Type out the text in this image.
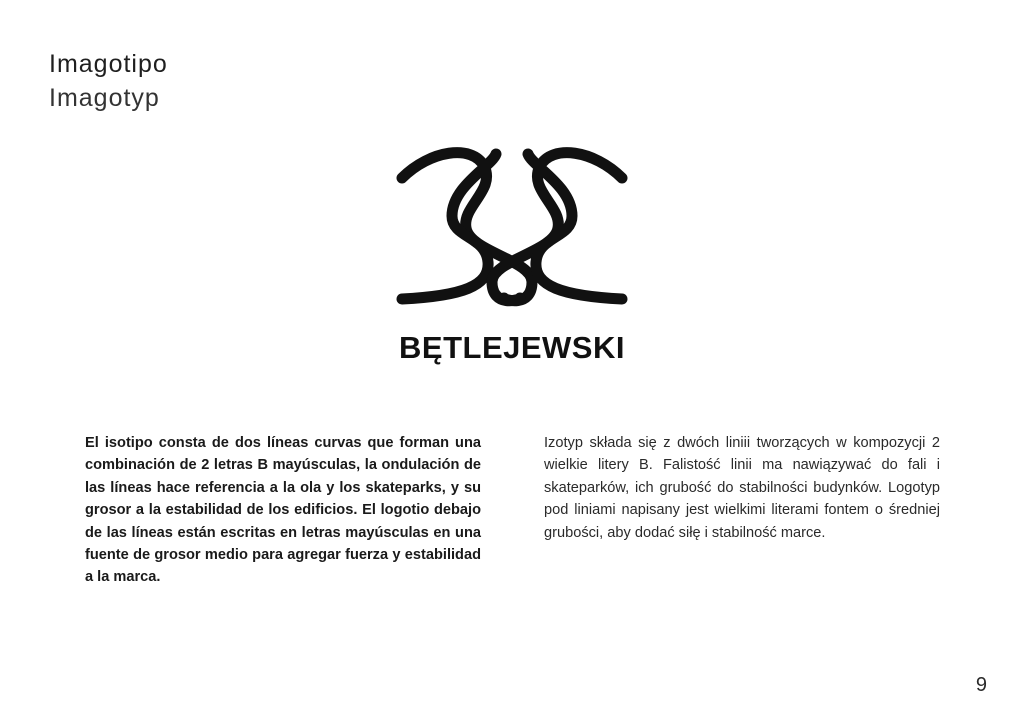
Imagotipo
Imagotyp
BĘTLEJEWSKI
El isotipo consta de dos líneas curvas que forman una combinación de 2 letras B mayúsculas, la ondulación de las líneas hace referencia a la ola y los skateparks, y su grosor a la estabilidad de los edificios. El logotio debajo de las líneas están escritas en letras mayúsculas en una fuente de grosor medio para agregar fuerza y estabilidad a la marca.
Izotyp składa się z dwóch liniii tworzących w kompozycji 2 wielkie litery B. Falistość linii ma nawiązywać do fali i skateparków, ich grubość do stabilności budynków. Logotyp pod liniami napisany jest wielkimi literami fontem o średniej grubości, aby dodać siłę i stabilność marce.
9
